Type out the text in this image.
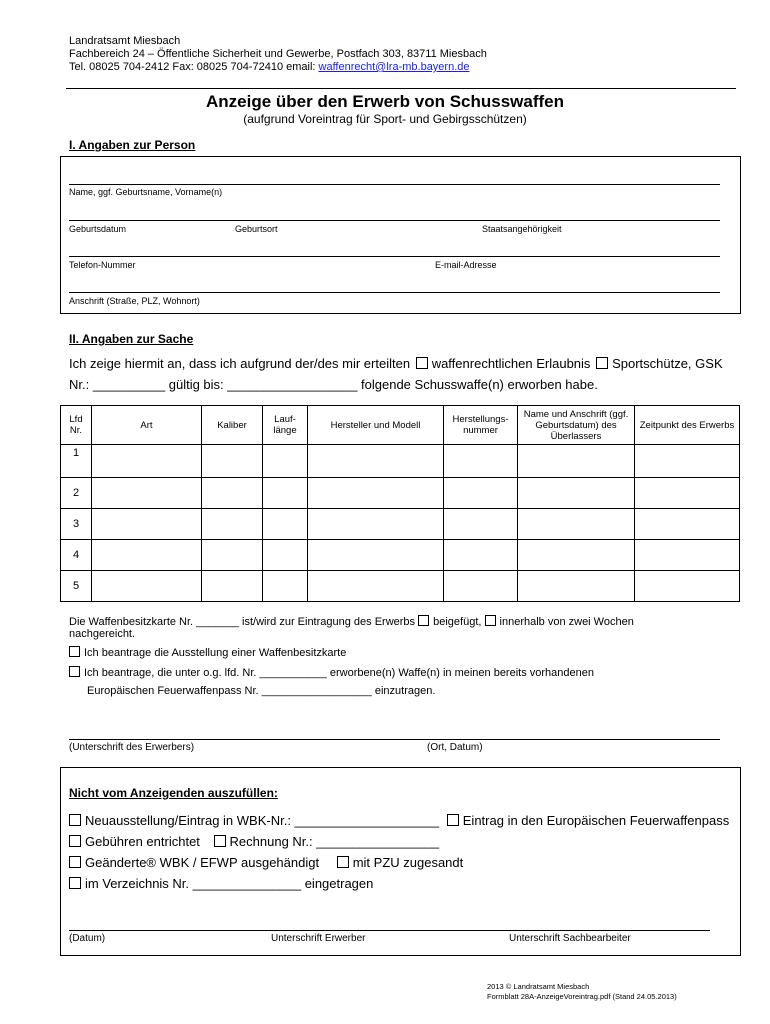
Landratsamt Miesbach
Fachbereich 24 – Öffentliche Sicherheit und Gewerbe, Postfach 303, 83711 Miesbach
Tel. 08025 704-2412 Fax: 08025 704-72410 email: waffenrecht@lra-mb.bayern.de
Anzeige über den Erwerb von Schusswaffen
(aufgrund Voreintrag für Sport- und Gebirgsschützen)
I. Angaben zur Person
Name, ggf. Geburtsname, Vorname(n)
Geburtsdatum	Geburtsort	Staatsangehörigkeit
Telefon-Nummer	E-mail-Adresse
Anschrift (Straße, PLZ, Wohnort)
II. Angaben zur Sache
Ich zeige hiermit an, dass ich aufgrund der/des mir erteilten waffenrechtlichen Erlaubnis Sportschütze, GSK
Nr.: __________ gültig bis: __________________ folgende Schusswaffe(n) erworben habe.
Lfd Nr.	Art	Kaliber	Lauf- länge	Hersteller und Modell	Herstellungs- nummer	Name und Anschrift (ggf. Geburtsdatum) des Überlassers	Zeitpunkt des Erwerbs
1							
2							
3							
4							
5							
Die Waffenbesitzkarte Nr. _______ ist/wird zur Eintragung des Erwerbs beigefügt, innerhalb von zwei Wochen
nachgereicht.
Ich beantrage die Ausstellung einer Waffenbesitzkarte
Ich beantrage, die unter o.g. lfd. Nr. ___________ erworbene(n) Waffe(n) in meinen bereits vorhandenen
Europäischen Feuerwaffenpass Nr. __________________ einzutragen.
(Unterschrift des Erwerbers)	(Ort, Datum)
Nicht vom Anzeigenden auszufüllen:
Neuausstellung/Eintrag in WBK-Nr.: ____________________ Eintrag in den Europäischen Feuerwaffenpass
Gebühren entrichtet Rechnung Nr.: _________________
Geänderte® WBK / EFWP ausgehändigt	mit PZU zugesandt
im Verzeichnis Nr. _______________ eingetragen
(Datum)	Unterschrift Erwerber	Unterschrift Sachbearbeiter
2013 © Landratsamt Miesbach
Formblatt 28A-AnzeigeVoreintrag.pdf (Stand 24.05.2013)
